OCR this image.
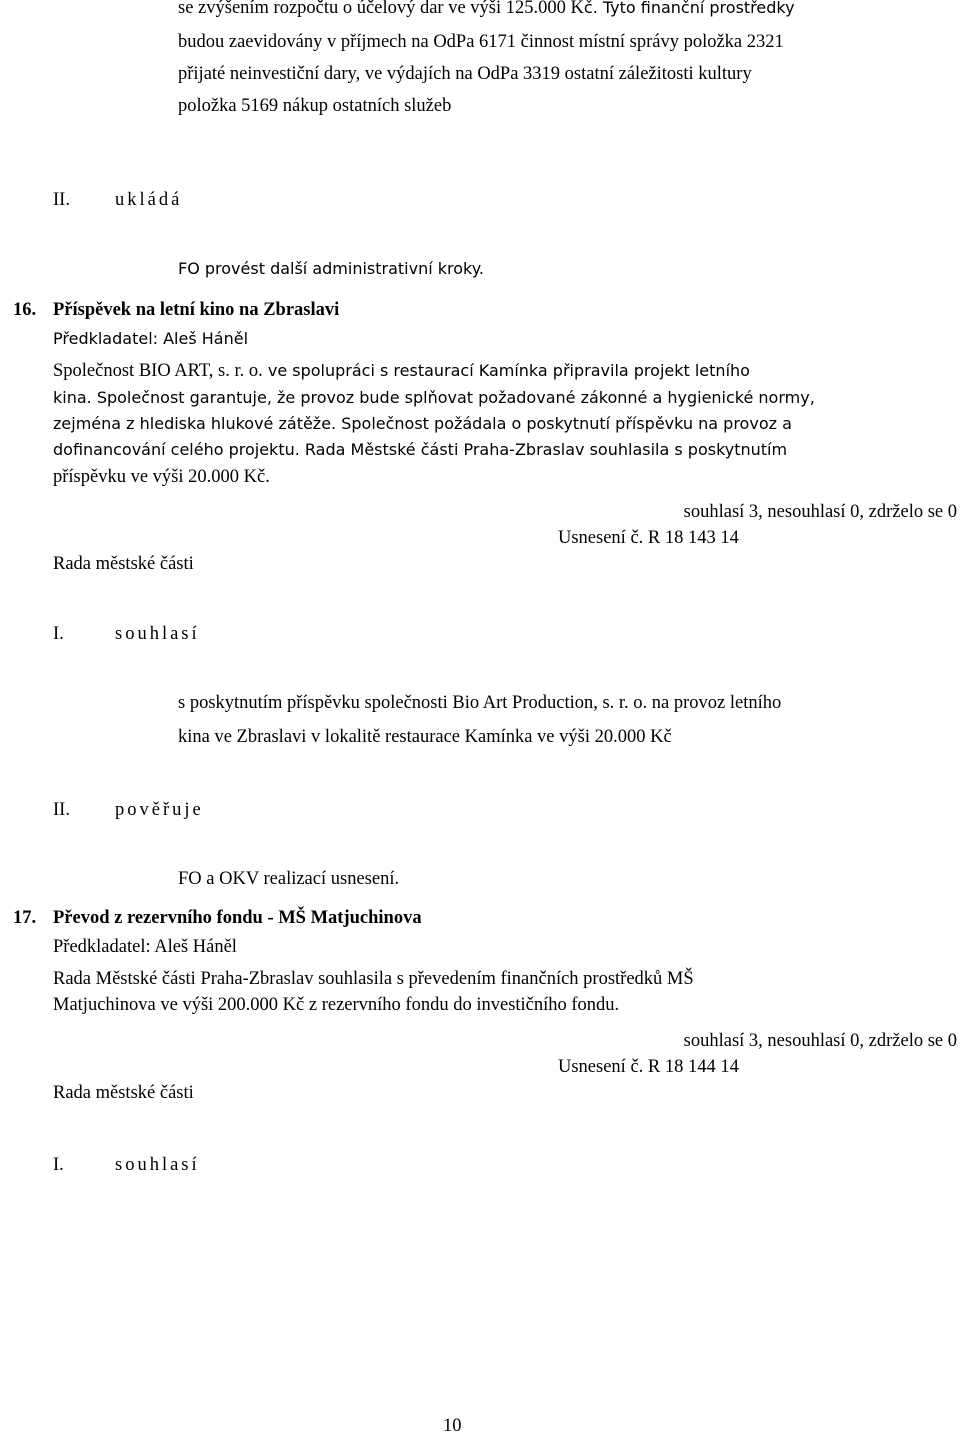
se zvýšením rozpočtu o účelový dar ve výši 125.000 Kč. Tyto finanční prostředky
budou zaevidovány v příjmech na OdPa 6171 činnost místní správy položka 2321
přijaté neinvestiční dary, ve výdajích na OdPa 3319 ostatní záležitosti kultury
položka 5169 nákup ostatních služeb
II. ukládá
FO provést další administrativní kroky.
16. Příspěvek na letní kino na Zbraslavi
Předkladatel: Aleš Háněl
Společnost BIO ART, s. r. o. ve spolupráci s restaurací Kamínka připravila projekt letního
kina. Společnost garantuje, že provoz bude splňovat požadované zákonné a hygienické normy,
zejména z hlediska hlukové zátěže. Společnost požádala o poskytnutí příspěvku na provoz a
dofinancování celého projektu. Rada Městské části Praha-Zbraslav souhlasila s poskytnutím
příspěvku ve výši 20.000 Kč.
souhlasí 3, nesouhlasí 0, zdrželo se 0
Usnesení č. R 18 143 14
Rada městské části
I.	souhlasí
s poskytnutím příspěvku společnosti Bio Art Production, s. r. o. na provoz letního
kina ve Zbraslavi v lokalitě restaurace Kamínka ve výši 20.000 Kč
II. pověřuje
FO a OKV realizací usnesení.
17. Převod z rezervního fondu - MŠ Matjuchinova
Předkladatel: Aleš Háněl
Rada Městské části Praha-Zbraslav souhlasila s převedením finančních prostředků MŠ
Matjuchinova ve výši 200.000 Kč z rezervního fondu do investičního fondu.
souhlasí 3, nesouhlasí 0, zdrželo se 0
Usnesení č. R 18 144 14
Rada městské části
I.	souhlasí
10
